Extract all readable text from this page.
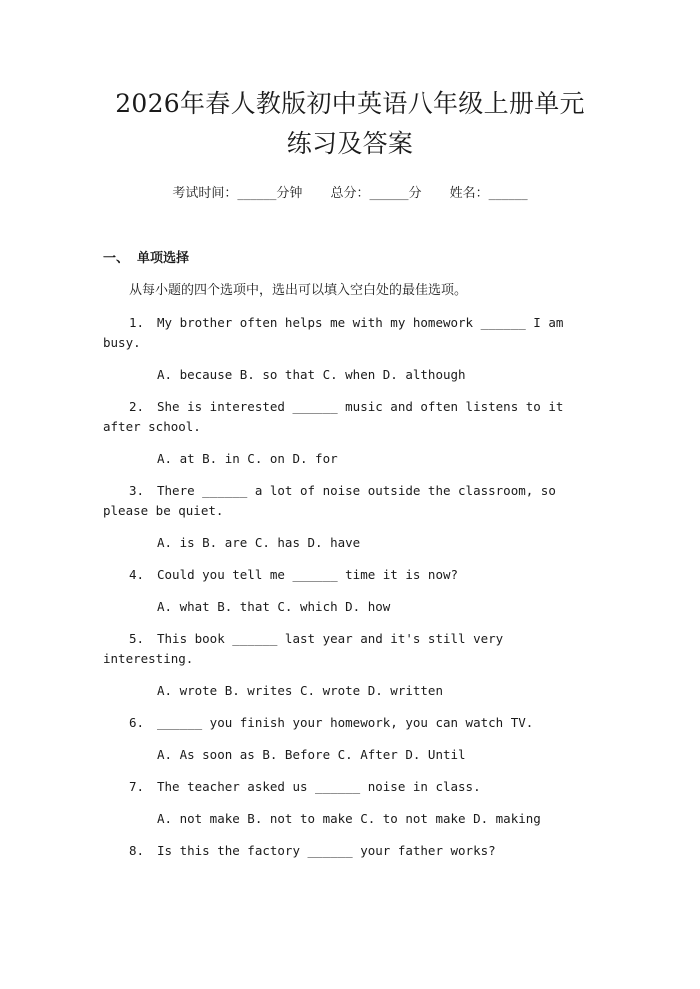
2026年春人教版初中英语八年级上册单元练习及答案
考试时间：______分钟 总分：______分 姓名：______
一、 单项选择
从每小题的四个选项中，选出可以填入空白处的最佳选项。
1. My brother often helps me with my homework ______ I am busy.
A. because B. so that C. when D. although
2. She is interested ______ music and often listens to it after school.
A. at B. in C. on D. for
3. There ______ a lot of noise outside the classroom, so please be quiet.
A. is B. are C. has D. have
4. Could you tell me ______ time it is now?
A. what B. that C. which D. how
5. This book ______ last year and it's still very interesting.
A. wrote B. writes C. wrote D. written
6. ______ you finish your homework, you can watch TV.
A. As soon as B. Before C. After D. Until
7. The teacher asked us ______ noise in class.
A. not make B. not to make C. to not make D. making
8. Is this the factory ______ your father works?
